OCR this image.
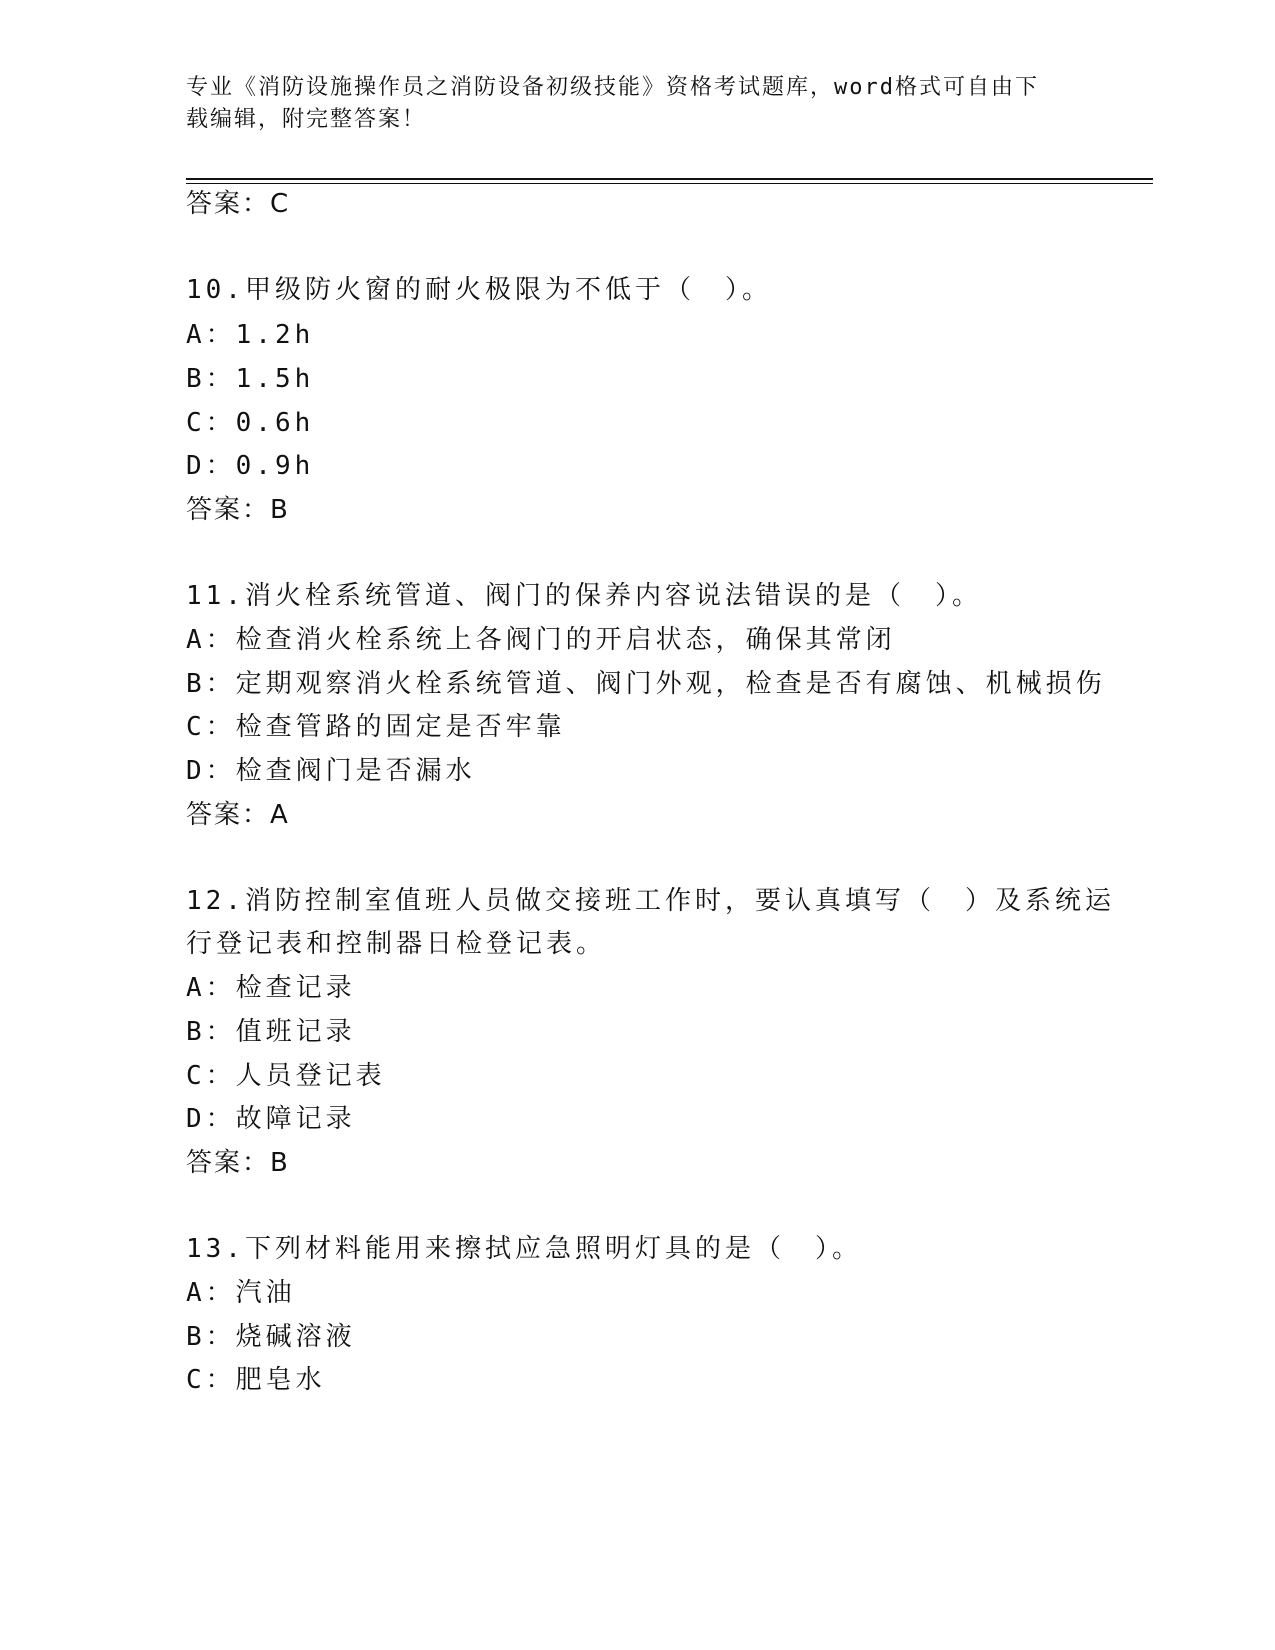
专业《消防设施操作员之消防设备初级技能》资格考试题库，word格式可自由下
载编辑，附完整答案！
答案：C
10.甲级防火窗的耐火极限为不低于（　）。
A：1.2h
B：1.5h
C：0.6h
D：0.9h
答案：B
11.消火栓系统管道、阀门的保养内容说法错误的是（　）。
A：检查消火栓系统上各阀门的开启状态，确保其常闭
B：定期观察消火栓系统管道、阀门外观，检查是否有腐蚀、机械损伤
C：检查管路的固定是否牢靠
D：检查阀门是否漏水
答案：A
12.消防控制室值班人员做交接班工作时，要认真填写（　）及系统运
行登记表和控制器日检登记表。
A：检查记录
B：值班记录
C：人员登记表
D：故障记录
答案：B
13.下列材料能用来擦拭应急照明灯具的是（　）。
A：汽油
B：烧碱溶液
C：肥皂水
